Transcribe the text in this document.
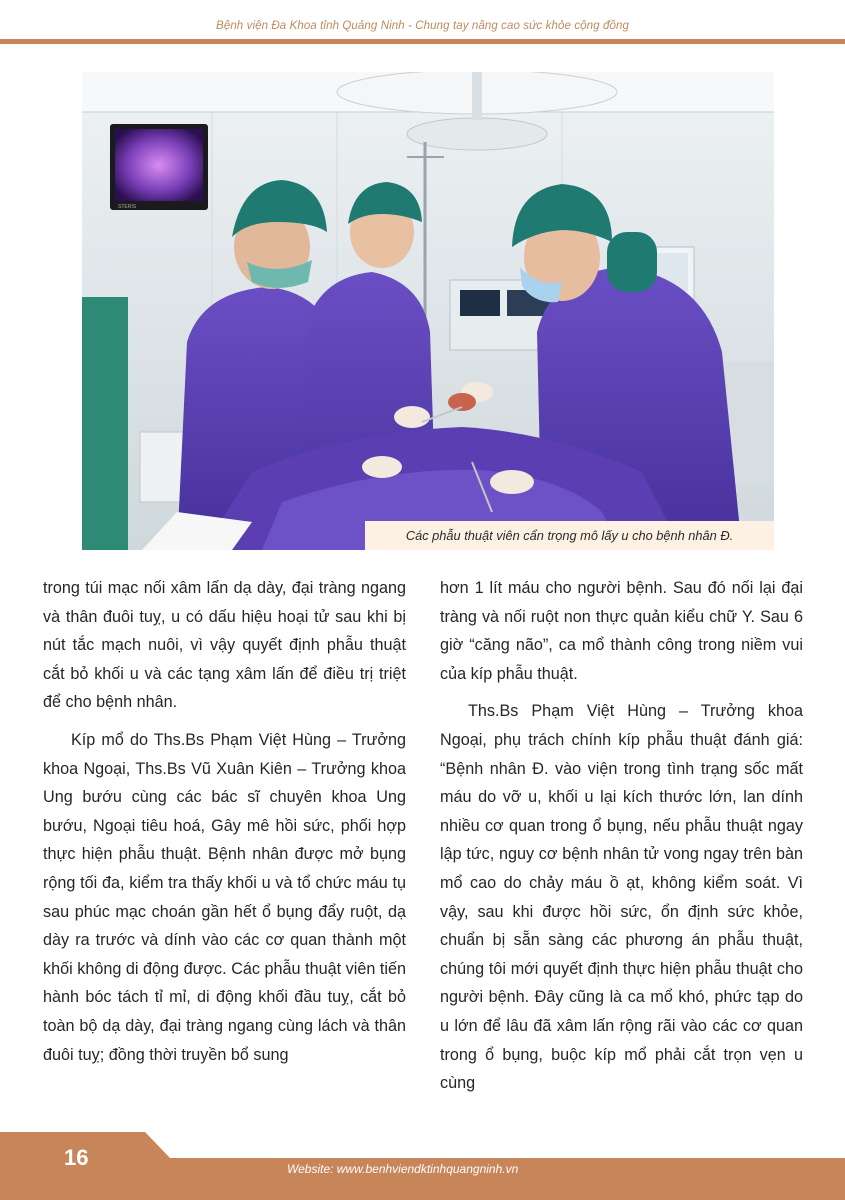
Bệnh viện Đa Khoa tỉnh Quảng Ninh - Chung tay nâng cao sức khỏe cộng đồng
STERIS
Các phẫu thuật viên cẩn trọng mô lấy u cho bệnh nhân Đ.

trong túi mạc nối xâm lấn dạ dày, đại tràng ngang và thân đuôi tuỵ, u có dấu hiệu hoại tử sau khi bị nút tắc mạch nuôi, vì vậy quyết định phẫu thuật cắt bỏ khối u và các tạng xâm lấn để điều trị triệt để cho bệnh nhân.

Kíp mổ do Ths.Bs Phạm Việt Hùng – Trưởng khoa Ngoại, Ths.Bs Vũ Xuân Kiên – Trưởng khoa Ung bướu cùng các bác sĩ chuyên khoa Ung bướu, Ngoại tiêu hoá, Gây mê hồi sức, phối hợp thực hiện phẫu thuật. Bệnh nhân được mở bụng rộng tối đa, kiểm tra thấy khối u và tổ chức máu tụ sau phúc mạc choán gần hết ổ bụng đẩy ruột, dạ dày ra trước và dính vào các cơ quan thành một khối không di động được. Các phẫu thuật viên tiến hành bóc tách tỉ mỉ, di động khối đầu tuỵ, cắt bỏ toàn bộ dạ dày, đại tràng ngang cùng lách và thân đuôi tuỵ; đồng thời truyền bổ sung

hơn 1 lít máu cho người bệnh. Sau đó nối lại đại tràng và nối ruột non thực quản kiểu chữ Y. Sau 6 giờ “căng não”, ca mổ thành công trong niềm vui của kíp phẫu thuật.

Ths.Bs Phạm Việt Hùng – Trưởng khoa Ngoại, phụ trách chính kíp phẫu thuật đánh giá: “Bệnh nhân Đ. vào viện trong tình trạng sốc mất máu do vỡ u, khối u lại kích thước lớn, lan dính nhiều cơ quan trong ổ bụng, nếu phẫu thuật ngay lập tức, nguy cơ bệnh nhân tử vong ngay trên bàn mổ cao do chảy máu ồ ạt, không kiểm soát. Vì vậy, sau khi được hồi sức, ổn định sức khỏe, chuẩn bị sẵn sàng các phương án phẫu thuật, chúng tôi mới quyết định thực hiện phẫu thuật cho người bệnh. Đây cũng là ca mổ khó, phức tạp do u lớn để lâu đã xâm lấn rộng rãi vào các cơ quan trong ổ bụng, buộc kíp mổ phải cắt trọn vẹn u cùng

16	Website: www.benhviendktinhquangninh.vn
